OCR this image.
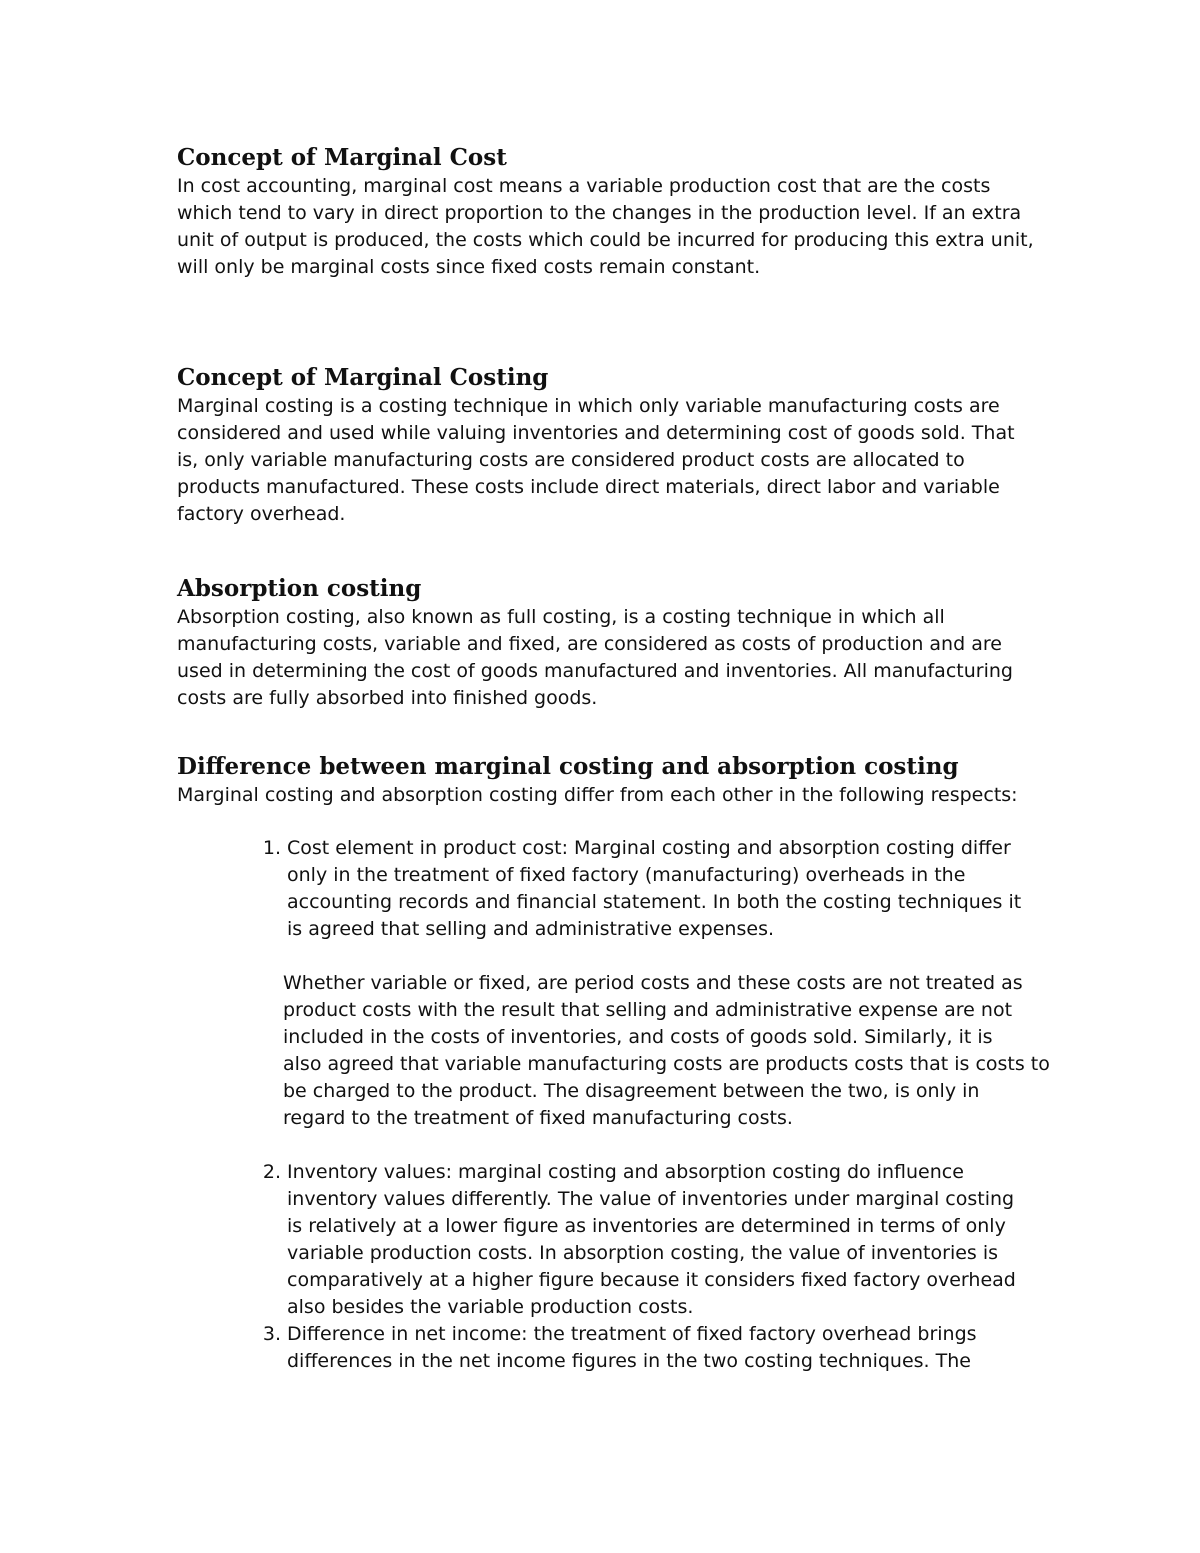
Concept of Marginal Cost
In cost accounting, marginal cost means a variable production cost that are the costs
which tend to vary in direct proportion to the changes in the production level. If an extra
unit of output is produced, the costs which could be incurred for producing this extra unit,
will only be marginal costs since fixed costs remain constant.
Concept of Marginal Costing
Marginal costing is a costing technique in which only variable manufacturing costs are
considered and used while valuing inventories and determining cost of goods sold. That
is, only variable manufacturing costs are considered product costs are allocated to
products manufactured. These costs include direct materials, direct labor and variable
factory overhead.
Absorption costing
Absorption costing, also known as full costing, is a costing technique in which all
manufacturing costs, variable and fixed, are considered as costs of production and are
used in determining the cost of goods manufactured and inventories. All manufacturing
costs are fully absorbed into finished goods.
Difference between marginal costing and absorption costing
Marginal costing and absorption costing differ from each other in the following respects:
1. Cost element in product cost: Marginal costing and absorption costing differ
only in the treatment of fixed factory (manufacturing) overheads in the
accounting records and financial statement. In both the costing techniques it
is agreed that selling and administrative expenses.
Whether variable or fixed, are period costs and these costs are not treated as
product costs with the result that selling and administrative expense are not
included in the costs of inventories, and costs of goods sold. Similarly, it is
also agreed that variable manufacturing costs are products costs that is costs to
be charged to the product. The disagreement between the two, is only in
regard to the treatment of fixed manufacturing costs.
2. Inventory values: marginal costing and absorption costing do influence
inventory values differently. The value of inventories under marginal costing
is relatively at a lower figure as inventories are determined in terms of only
variable production costs. In absorption costing, the value of inventories is
comparatively at a higher figure because it considers fixed factory overhead
also besides the variable production costs.
3. Difference in net income: the treatment of fixed factory overhead brings
differences in the net income figures in the two costing techniques. The
